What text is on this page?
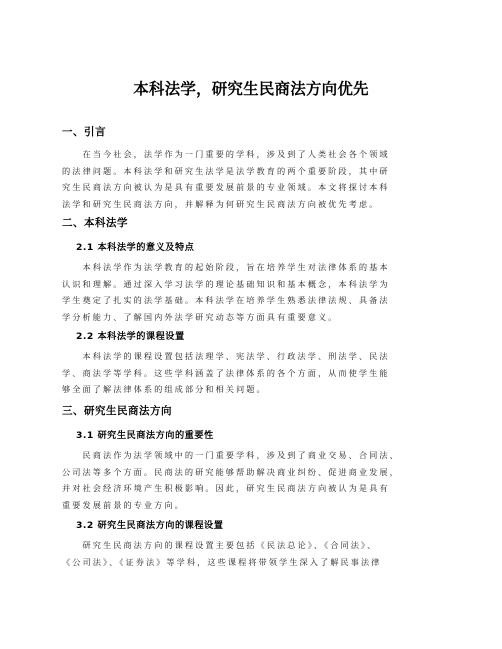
本科法学，研究生民商法方向优先
一、引言
　　在当今社会，法学作为一门重要的学科，涉及到了人类社会各个领域
的法律问题。本科法学和研究生法学是法学教育的两个重要阶段，其中研
究生民商法方向被认为是具有重要发展前景的专业领域。本文将探讨本科
法学和研究生民商法方向，并解释为何研究生民商法方向被优先考虑。
二、本科法学
2.1 本科法学的意义及特点
　　本科法学作为法学教育的起始阶段，旨在培养学生对法律体系的基本
认识和理解。通过深入学习法学的理论基础知识和基本概念，本科法学为
学生奠定了扎实的法学基础。本科法学在培养学生熟悉法律法规、具备法
学分析能力、了解国内外法学研究动态等方面具有重要意义。
2.2 本科法学的课程设置
　　本科法学的课程设置包括法理学、宪法学、行政法学、刑法学、民法
学、商法学等学科。这些学科涵盖了法律体系的各个方面，从而使学生能
够全面了解法律体系的组成部分和相关问题。
三、研究生民商法方向
3.1 研究生民商法方向的重要性
　　民商法作为法学领域中的一门重要学科，涉及到了商业交易、合同法、
公司法等多个方面。民商法的研究能够帮助解决商业纠纷、促进商业发展，
并对社会经济环境产生积极影响。因此，研究生民商法方向被认为是具有
重要发展前景的专业方向。
3.2 研究生民商法方向的课程设置
　　研究生民商法方向的课程设置主要包括《民法总论》、《合同法》、
《公司法》、《证券法》等学科，这些课程将带领学生深入了解民事法律
